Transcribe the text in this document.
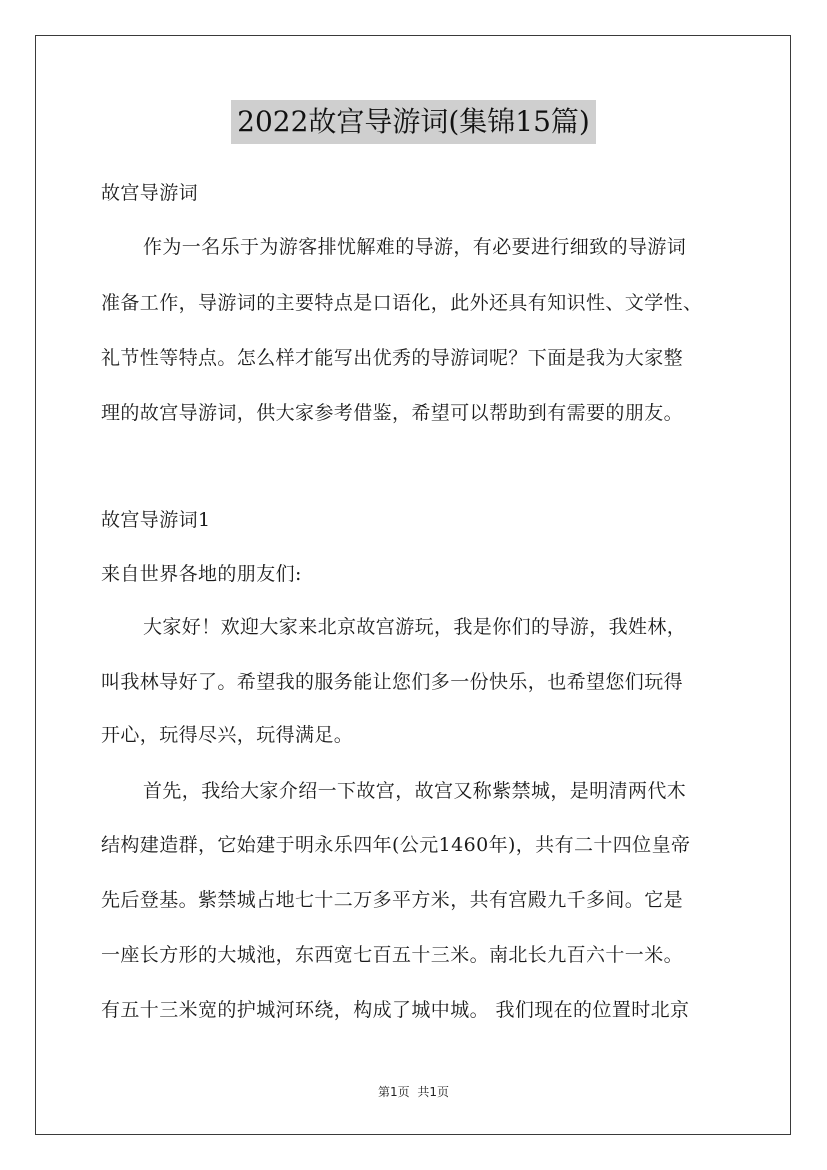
2022故宫导游词(集锦15篇)
故宫导游词
作为一名乐于为游客排忧解难的导游，有必要进行细致的导游词
准备工作，导游词的主要特点是口语化，此外还具有知识性、文学性、
礼节性等特点。怎么样才能写出优秀的导游词呢？下面是我为大家整
理的故宫导游词，供大家参考借鉴，希望可以帮助到有需要的朋友。
故宫导游词1
来自世界各地的朋友们:
大家好！欢迎大家来北京故宫游玩，我是你们的导游，我姓林，
叫我林导好了。希望我的服务能让您们多一份快乐，也希望您们玩得
开心，玩得尽兴，玩得满足。
首先，我给大家介绍一下故宫，故宫又称紫禁城，是明清两代木
结构建造群，它始建于明永乐四年(公元1460年)，共有二十四位皇帝
先后登基。紫禁城占地七十二万多平方米，共有宫殿九千多间。它是
一座长方形的大城池，东西宽七百五十三米。南北长九百六十一米。
有五十三米宽的护城河环绕，构成了城中城。 我们现在的位置时北京
第1页 共1页
